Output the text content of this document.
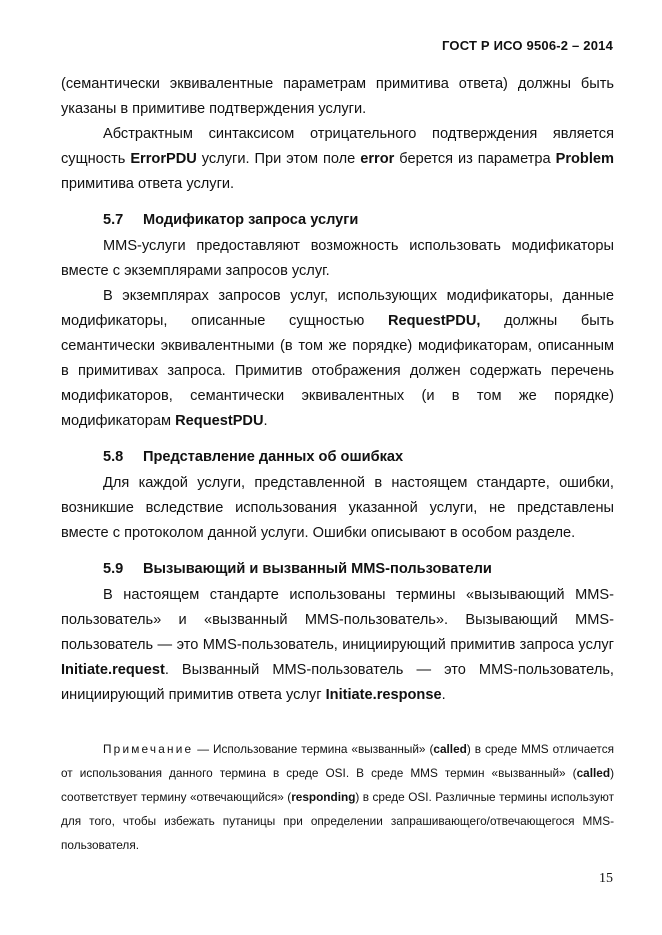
ГОСТ Р ИСО 9506-2 – 2014

(семантически эквивалентные параметрам примитива ответа) должны быть указаны в примитиве подтверждения услуги.

Абстрактным синтаксисом отрицательного подтверждения является сущность ErrorPDU услуги. При этом поле error берется из параметра Problem примитива ответа услуги.

5.7 Модификатор запроса услуги

MMS-услуги предоставляют возможность использовать модификаторы вместе с экземплярами запросов услуг.

В экземплярах запросов услуг, использующих модификаторы, данные модификаторы, описанные сущностью RequestPDU, должны быть семантически эквивалентными (в том же порядке) модификаторам, описанным в примитивах запроса. Примитив отображения должен содержать перечень модификаторов, семантически эквивалентных (и в том же порядке) модификаторам RequestPDU.

5.8 Представление данных об ошибках

Для каждой услуги, представленной в настоящем стандарте, ошибки, возникшие вследствие использования указанной услуги, не представлены вместе с протоколом данной услуги. Ошибки описывают в особом разделе.

5.9 Вызывающий и вызванный MMS-пользователи

В настоящем стандарте использованы термины «вызывающий MMS-пользователь» и «вызванный MMS-пользователь». Вызывающий MMS-пользователь — это MMS-пользователь, инициирующий примитив запроса услуг Initiate.request. Вызванный MMS-пользователь — это MMS-пользователь, инициирующий примитив ответа услуг Initiate.response.

Примечание — Использование термина «вызванный» (called) в среде MMS отличается от использования данного термина в среде OSI. В среде MMS термин «вызванный» (called) соответствует термину «отвечающийся» (responding) в среде OSI. Различные термины используют для того, чтобы избежать путаницы при определении запрашивающего/отвечающегося MMS-пользователя.

15
